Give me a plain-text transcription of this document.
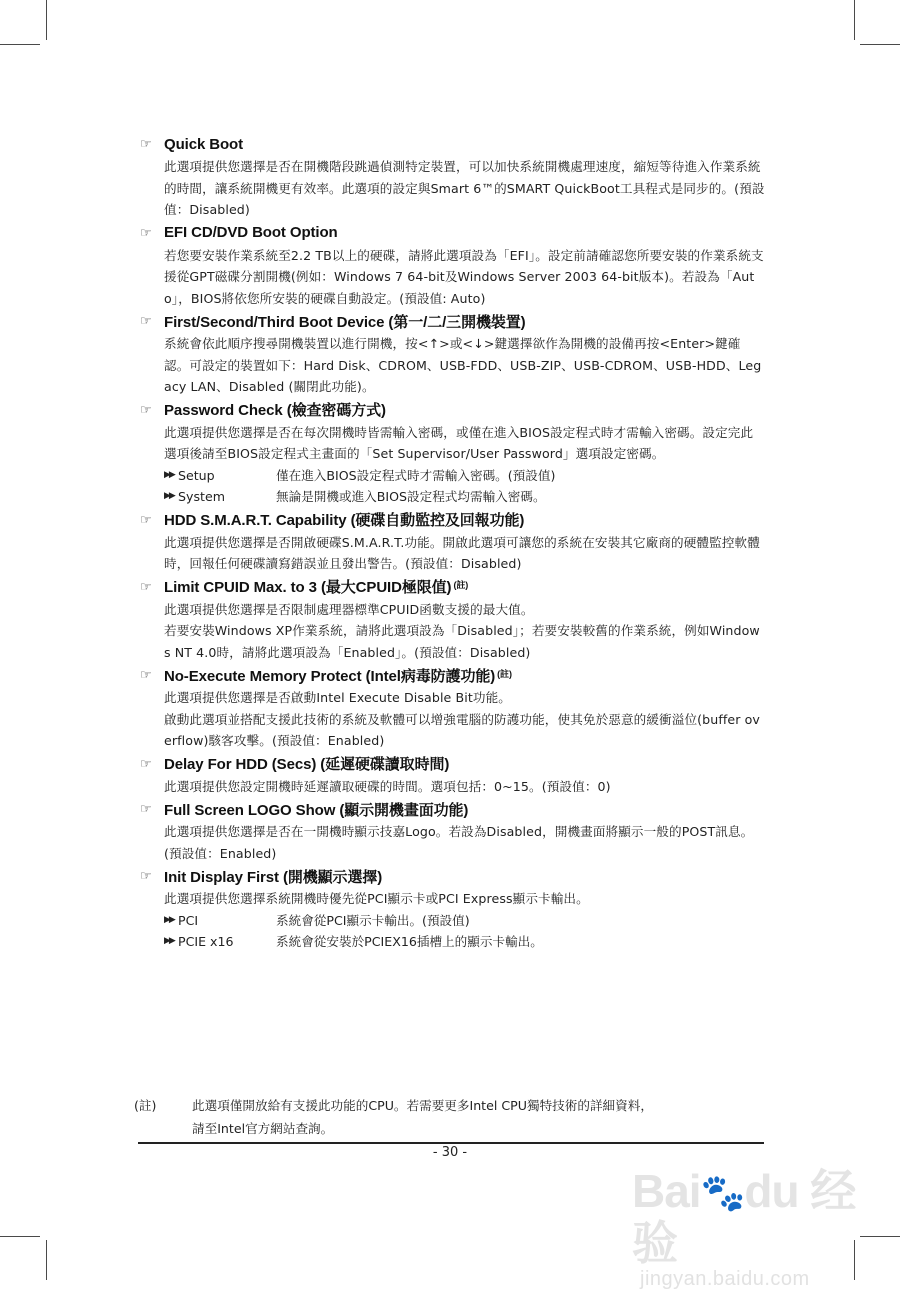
☞ Quick Boot
此選項提供您選擇是否在開機階段跳過偵測特定裝置，可以加快系統開機處理速度，縮短等待進入作業系統的時間，讓系統開機更有效率。此選項的設定與Smart 6™的SMART QuickBoot工具程式是同步的。(預設值：Disabled)
☞ EFI CD/DVD Boot Option
若您要安裝作業系統至2.2 TB以上的硬碟，請將此選項設為「EFI」。設定前請確認您所要安裝的作業系統支援從GPT磁碟分割開機(例如：Windows 7 64-bit及Windows Server 2003 64-bit版本)。若設為「Auto」，BIOS將依您所安裝的硬碟自動設定。(預設值: Auto)
☞ First/Second/Third Boot Device (第一/二/三開機裝置)
系統會依此順序搜尋開機裝置以進行開機，按<↑>或<↓>鍵選擇欲作為開機的設備再按<Enter>鍵確認。可設定的裝置如下：Hard Disk、CDROM、USB-FDD、USB-ZIP、USB-CDROM、USB-HDD、Legacy LAN、Disabled (關閉此功能)。
☞ Password Check (檢查密碼方式)
此選項提供您選擇是否在每次開機時皆需輸入密碼，或僅在進入BIOS設定程式時才需輸入密碼。設定完此選項後請至BIOS設定程式主畫面的「Set Supervisor/User Password」選項設定密碼。
▶▶ Setup	僅在進入BIOS設定程式時才需輸入密碼。(預設值)
▶▶ System	無論是開機或進入BIOS設定程式均需輸入密碼。
☞ HDD S.M.A.R.T. Capability (硬碟自動監控及回報功能)
此選項提供您選擇是否開啟硬碟S.M.A.R.T.功能。開啟此選項可讓您的系統在安裝其它廠商的硬體監控軟體時，回報任何硬碟讀寫錯誤並且發出警告。(預設值：Disabled)
☞ Limit CPUID Max. to 3 (最大CPUID極限值)$^{(註)}$
此選項提供您選擇是否限制處理器標準CPUID函數支援的最大值。
若要安裝Windows XP作業系統，請將此選項設為「Disabled」；若要安裝較舊的作業系統，例如Windows NT 4.0時，請將此選項設為「Enabled」。(預設值：Disabled)
☞ No-Execute Memory Protect (Intel病毒防護功能)$^{(註)}$
此選項提供您選擇是否啟動Intel Execute Disable Bit功能。
啟動此選項並搭配支援此技術的系統及軟體可以增強電腦的防護功能，使其免於惡意的緩衝溢位(buffer overflow)駭客攻擊。(預設值：Enabled)
☞ Delay For HDD (Secs) (延遲硬碟讀取時間)
此選項提供您設定開機時延遲讀取硬碟的時間。選項包括：0~15。(預設值：0)
☞ Full Screen LOGO Show (顯示開機畫面功能)
此選項提供您選擇是否在一開機時顯示技嘉Logo。若設為Disabled，開機畫面將顯示一般的POST訊息。(預設值：Enabled)
☞ Init Display First (開機顯示選擇)
此選項提供您選擇系統開機時優先從PCI顯示卡或PCI Express顯示卡輸出。
▶▶ PCI	系統會從PCI顯示卡輸出。(預設值)
▶▶ PCIE x16	系統會從安裝於PCIEX16插槽上的顯示卡輸出。
(註)	此選項僅開放給有支援此功能的CPU。若需要更多Intel CPU獨特技術的詳細資料，
請至Intel官方網站查詢。
- 30 -
Bai🐾du 经验
jingyan.baidu.com
